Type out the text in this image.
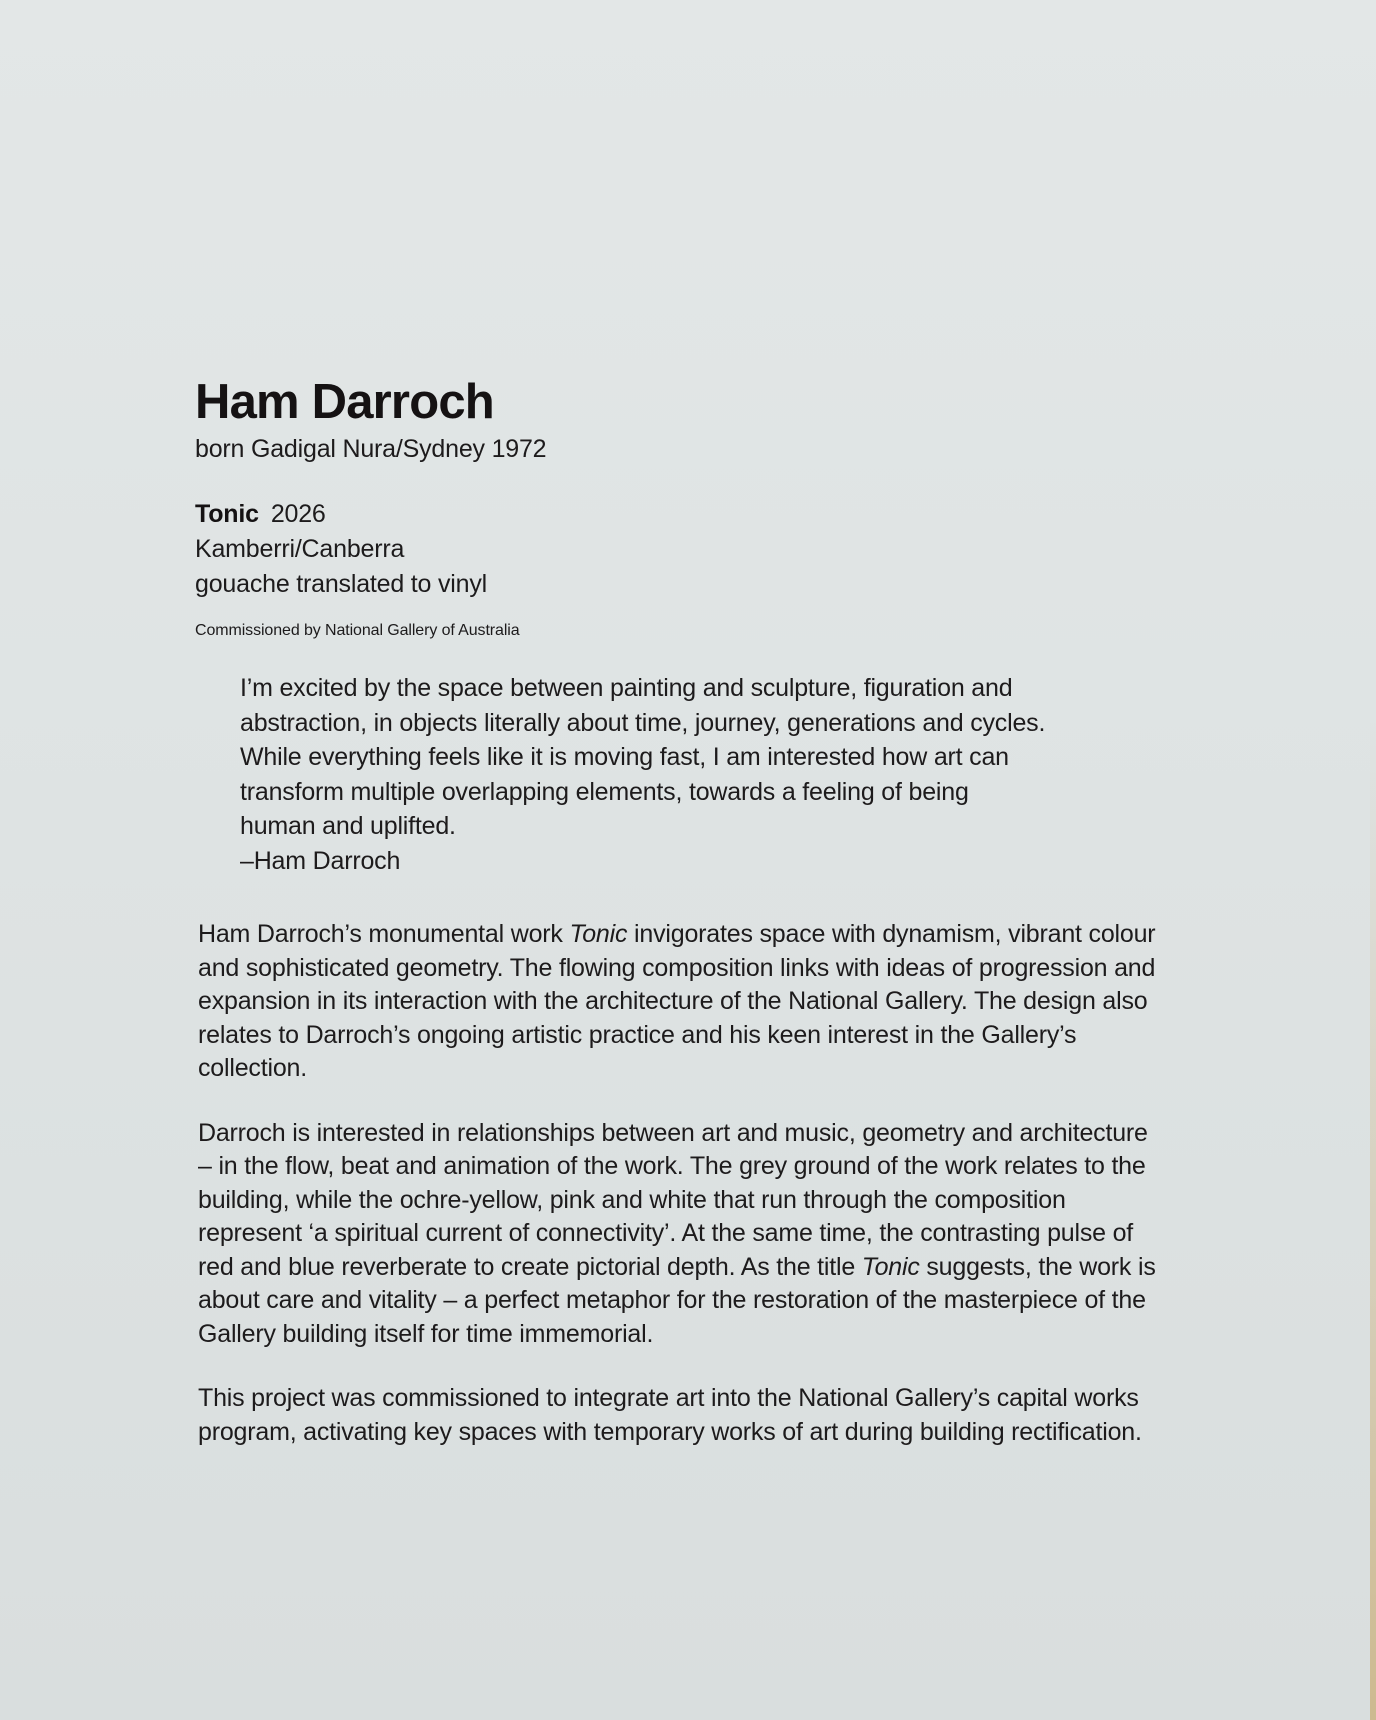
Ham Darroch
born Gadigal Nura/Sydney 1972
Tonic 2026
Kamberri/Canberra
gouache translated to vinyl
Commissioned by National Gallery of Australia
I’m excited by the space between painting and sculpture, figuration and
abstraction, in objects literally about time, journey, generations and cycles.
While everything feels like it is moving fast, I am interested how art can
transform multiple overlapping elements, towards a feeling of being
human and uplifted.
–Ham Darroch

Ham Darroch’s monumental work Tonic invigorates space with dynamism, vibrant colour and sophisticated geometry. The flowing composition links with ideas of progression and expansion in its interaction with the architecture of the National Gallery. The design also relates to Darroch’s ongoing artistic practice and his keen interest in the Gallery’s collection.

Darroch is interested in relationships between art and music, geometry and architecture – in the flow, beat and animation of the work. The grey ground of the work relates to the building, while the ochre-yellow, pink and white that run through the composition represent ‘a spiritual current of connectivity’. At the same time, the contrasting pulse of red and blue reverberate to create pictorial depth. As the title Tonic suggests, the work is about care and vitality – a perfect metaphor for the restoration of the masterpiece of the Gallery building itself for time immemorial.

This project was commissioned to integrate art into the National Gallery’s capital works program, activating key spaces with temporary works of art during building rectification.
